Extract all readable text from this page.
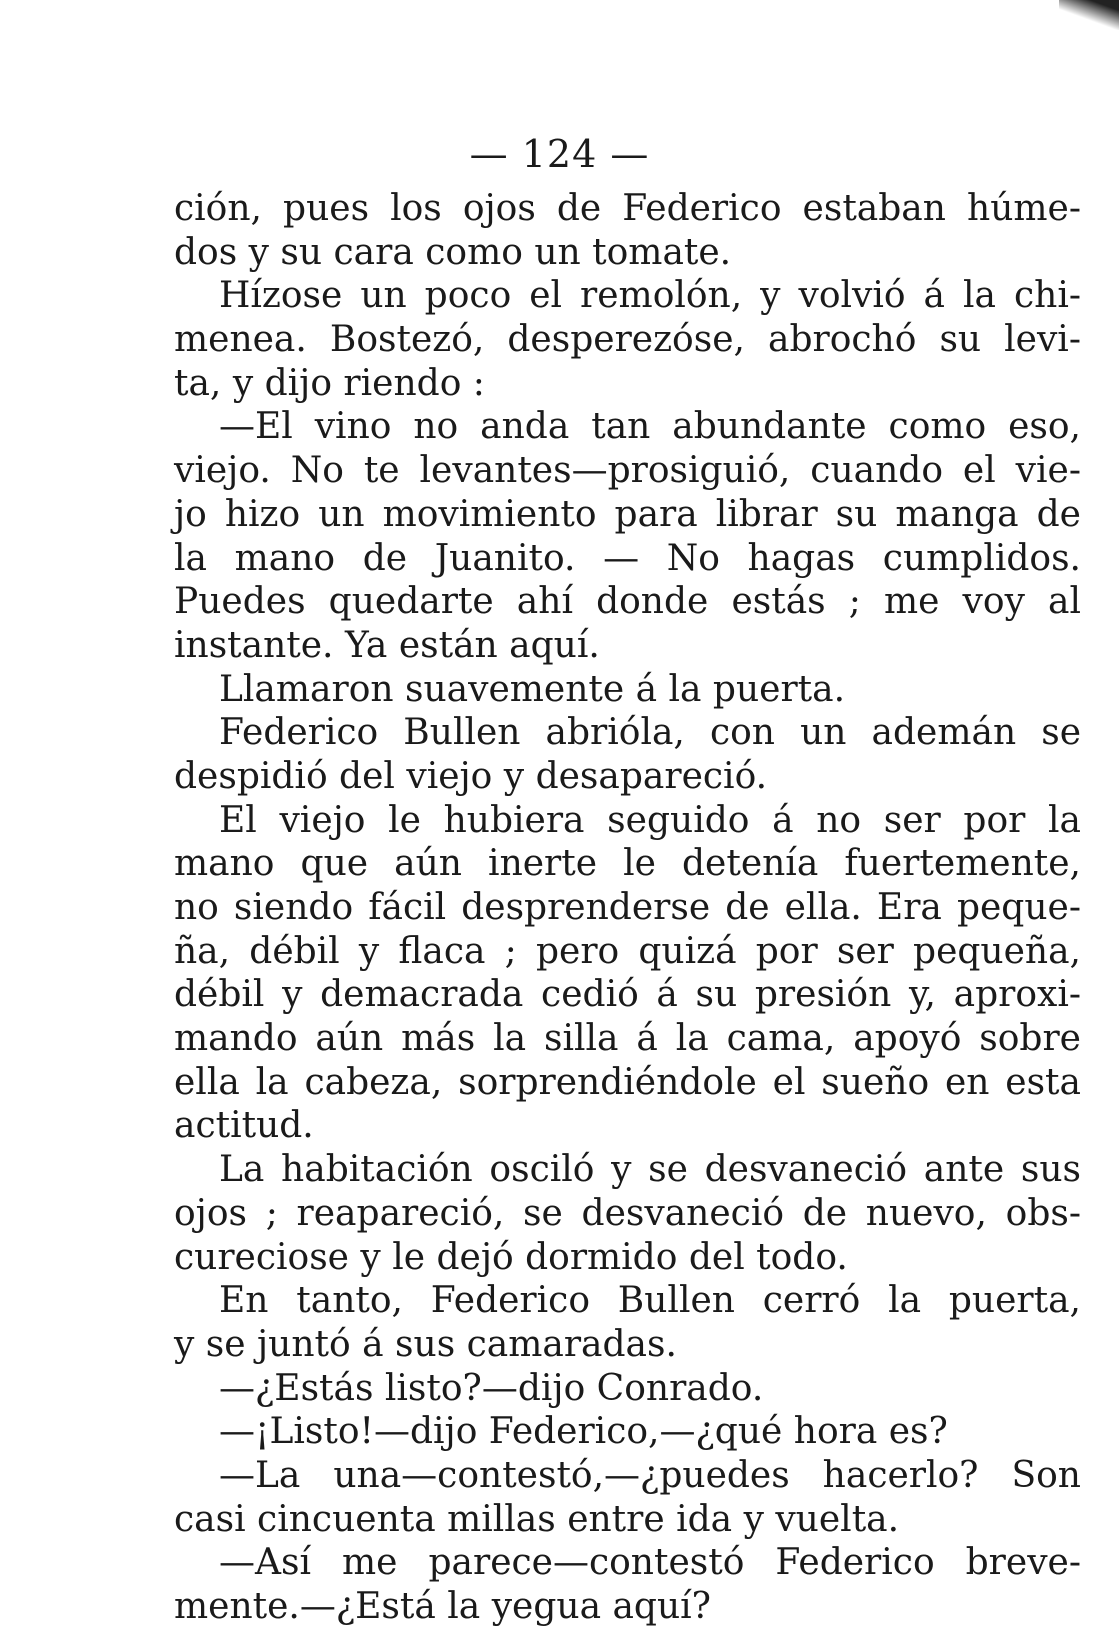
— 124 —
ción, pues los ojos de Federico estaban húme-
dos y su cara como un tomate.
Hízose un poco el remolón, y volvió á la chi-
menea. Bostezó, desperezóse, abrochó su levi-
ta, y dijo riendo :
—El vino no anda tan abundante como eso,
viejo. No te levantes—prosiguió, cuando el vie-
jo hizo un movimiento para librar su manga de
la mano de Juanito. — No hagas cumplidos.
Puedes quedarte ahí donde estás ; me voy al
instante. Ya están aquí.
Llamaron suavemente á la puerta.
Federico Bullen abrióla, con un ademán se
despidió del viejo y desapareció.
El viejo le hubiera seguido á no ser por la
mano que aún inerte le detenía fuertemente,
no siendo fácil desprenderse de ella. Era peque-
ña, débil y flaca ; pero quizá por ser pequeña,
débil y demacrada cedió á su presión y, aproxi-
mando aún más la silla á la cama, apoyó sobre
ella la cabeza, sorprendiéndole el sueño en esta
actitud.
La habitación osciló y se desvaneció ante sus
ojos ; reapareció, se desvaneció de nuevo, obs-
cureciose y le dejó dormido del todo.
En tanto, Federico Bullen cerró la puerta,
y se juntó á sus camaradas.
—¿Estás listo?—dijo Conrado.
—¡Listo!—dijo Federico,—¿qué hora es?
—La una—contestó,—¿puedes hacerlo? Son
casi cincuenta millas entre ida y vuelta.
—Así me parece—contestó Federico breve-
mente.—¿Está la yegua aquí?
